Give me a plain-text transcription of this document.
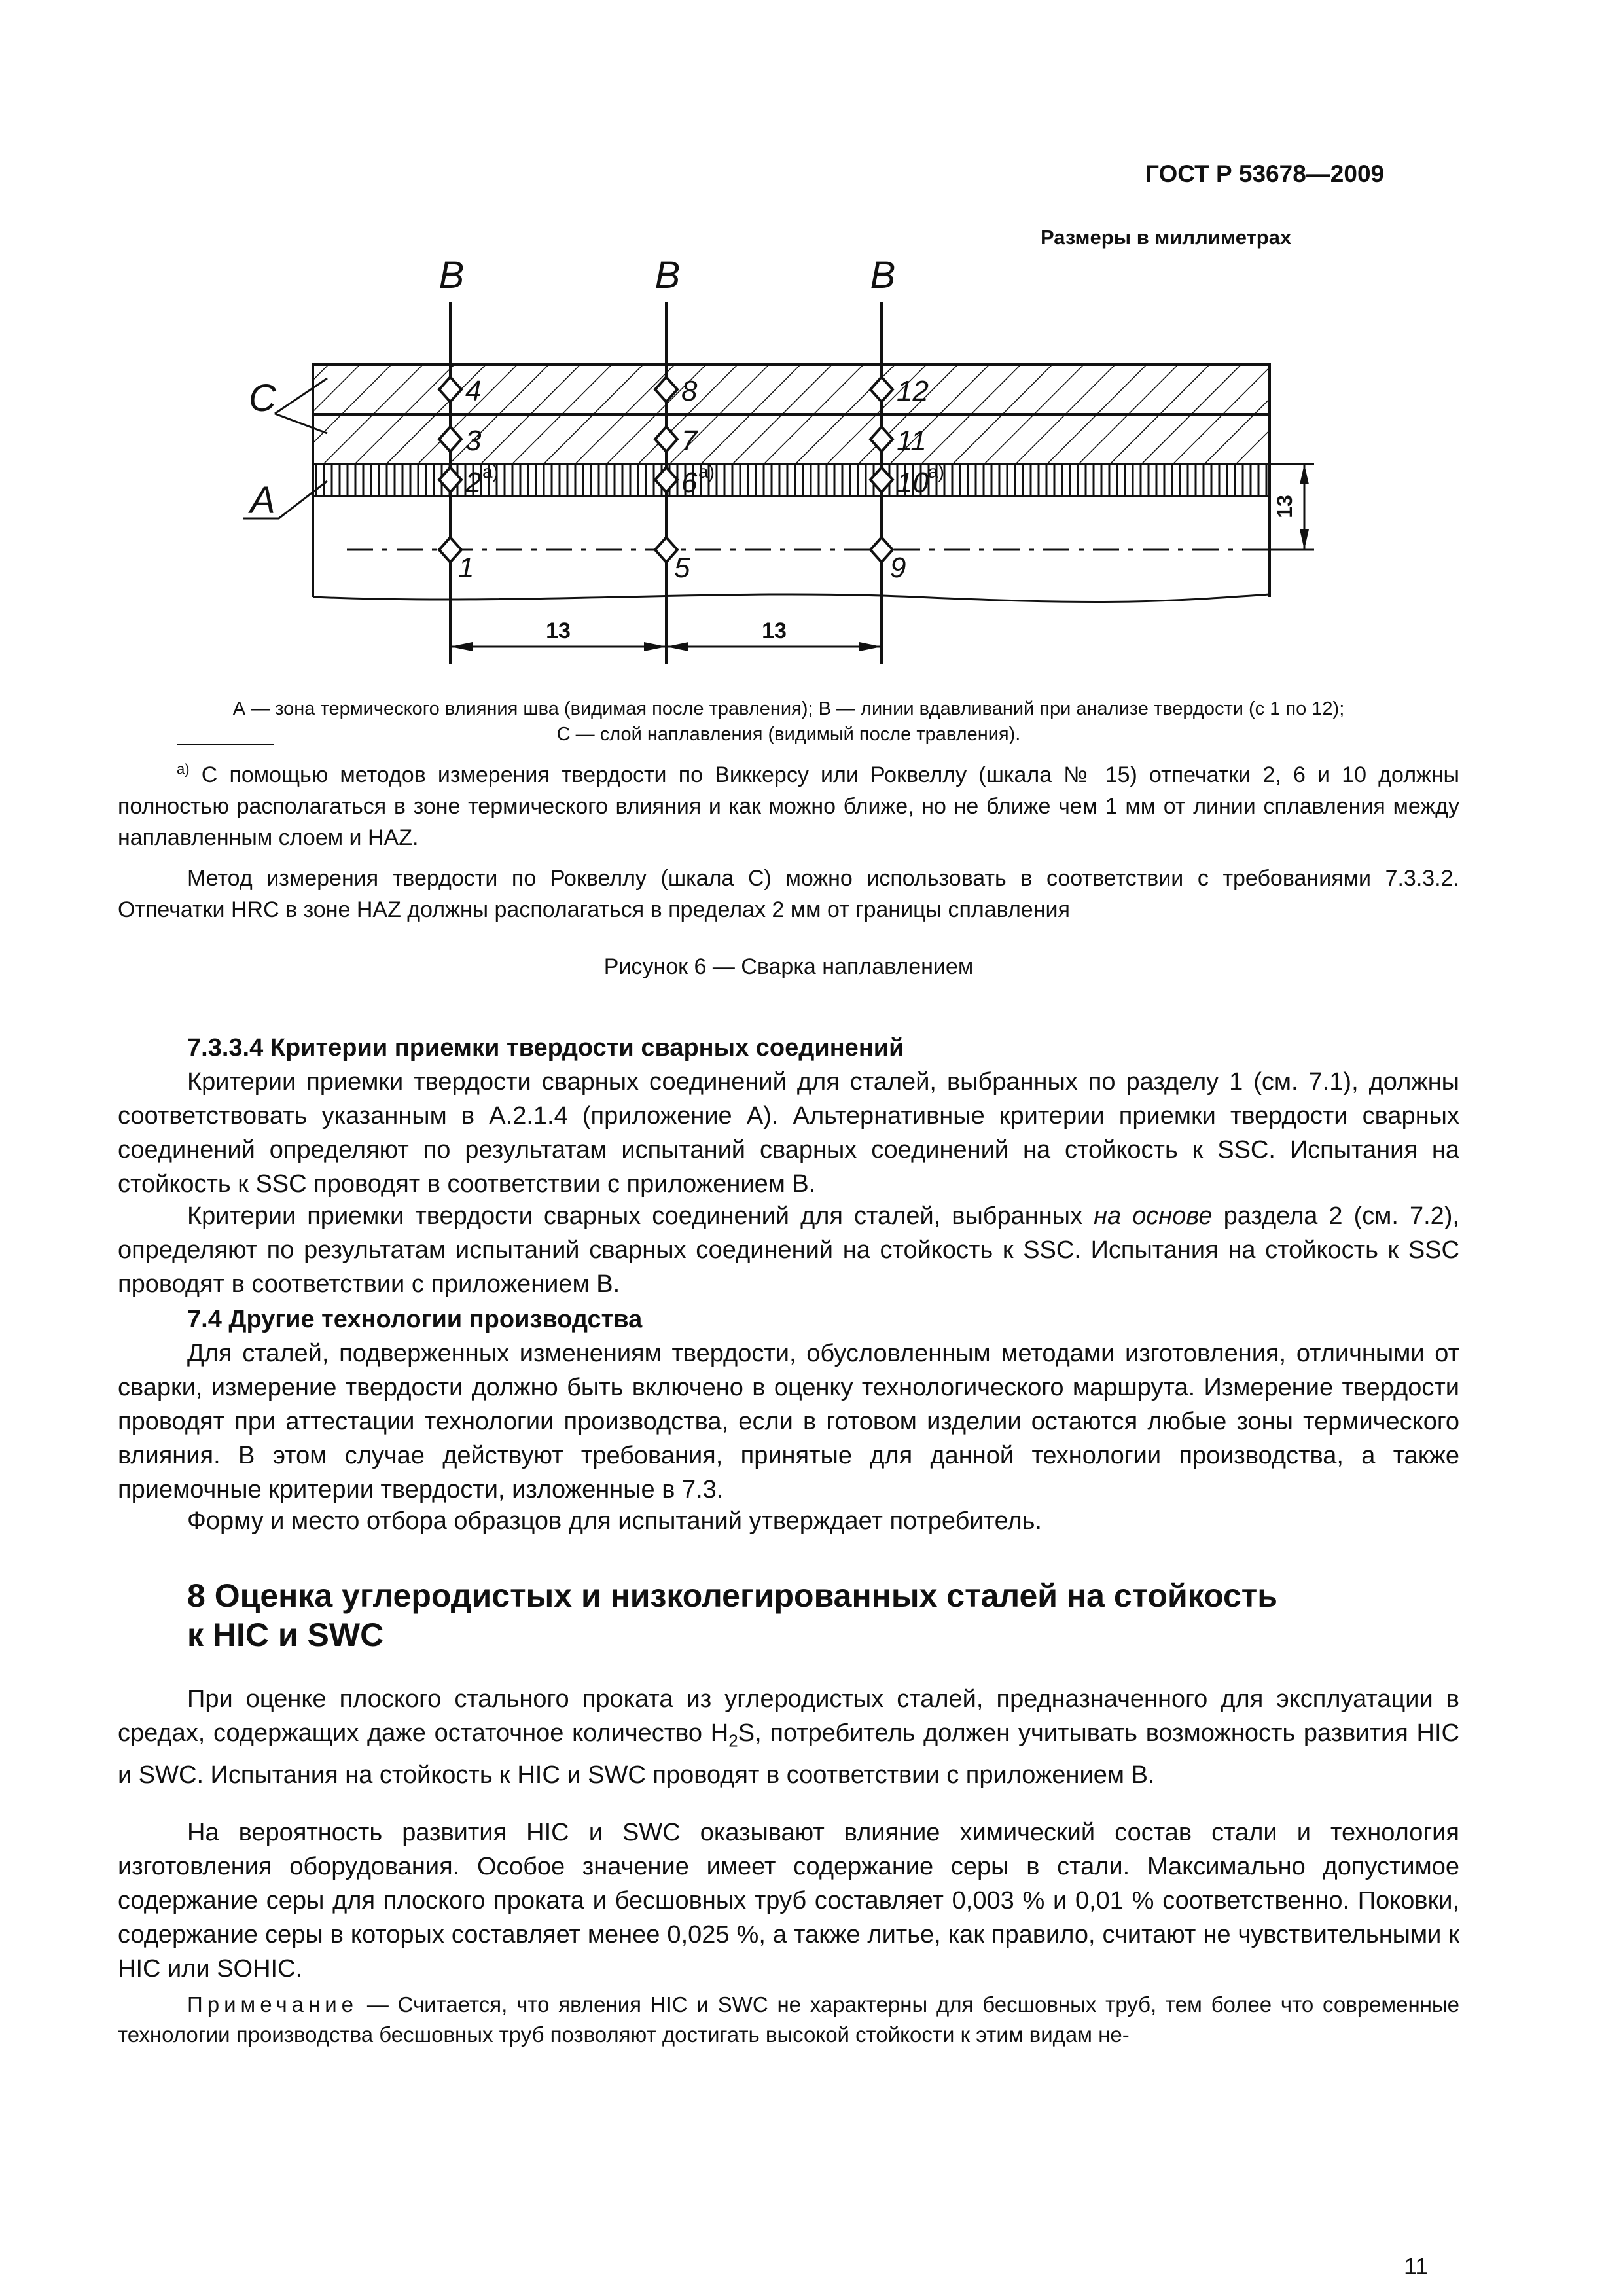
ГОСТ Р 53678—2009
Размеры в миллиметрах
B	B	B
4
3
2
1
8
7
6
5
12
11
10
9
а)	а)	а)
C
A
13	13
13
А — зона термического влияния шва (видимая после травления); В — линии вдавливаний при анализе твердости (с 1 по 12);
С — слой наплавления (видимый после травления).
$^{а)}$ С помощью методов измерения твердости по Виккерсу или Роквеллу (шкала № 15) отпечатки 2, 6 и 10 должны полностью располагаться в зоне термического влияния и как можно ближе, но не ближе чем 1 мм от линии сплавления между наплавленным слоем и HAZ.
Метод измерения твердости по Роквеллу (шкала С) можно использовать в соответствии с требованиями 7.3.3.2. Отпечатки HRC в зоне HAZ должны располагаться в пределах 2 мм от границы сплавления
Рисунок 6 — Сварка наплавлением
7.3.3.4 Критерии приемки твердости сварных соединений
Критерии приемки твердости сварных соединений для сталей, выбранных по разделу 1 (см. 7.1), должны соответствовать указанным в А.2.1.4 (приложение А). Альтернативные критерии приемки твердости сварных соединений определяют по результатам испытаний сварных соединений на стойкость к SSC. Испытания на стойкость к SSC проводят в соответствии с приложением В.
Критерии приемки твердости сварных соединений для сталей, выбранных на основе раздела 2 (см. 7.2), определяют по результатам испытаний сварных соединений на стойкость к SSC. Испытания на стойкость к SSC проводят в соответствии с приложением В.
7.4 Другие технологии производства
Для сталей, подверженных изменениям твердости, обусловленным методами изготовления, отличными от сварки, измерение твердости должно быть включено в оценку технологического маршрута. Измерение твердости проводят при аттестации технологии производства, если в готовом изделии остаются любые зоны термического влияния. В этом случае действуют требования, принятые для данной технологии производства, а также приемочные критерии твердости, изложенные в 7.3.
Форму и место отбора образцов для испытаний утверждает потребитель.
8 Оценка углеродистых и низколегированных сталей на стойкость
к HIC и SWC
При оценке плоского стального проката из углеродистых сталей, предназначенного для эксплуатации в средах, содержащих даже остаточное количество $H_2S$, потребитель должен учитывать возможность развития HIC и SWC. Испытания на стойкость к HIC и SWC проводят в соответствии с приложением В.
На вероятность развития HIC и SWC оказывают влияние химический состав стали и технология изготовления оборудования. Особое значение имеет содержание серы в стали. Максимально допустимое содержание серы для плоского проката и бесшовных труб составляет 0,003 % и 0,01 % соответственно. Поковки, содержание серы в которых составляет менее 0,025 %, а также литье, как правило, считают не чувствительными к HIC или SOHIC.
Примечание — Считается, что явления HIC и SWC не характерны для бесшовных труб, тем более что современные технологии производства бесшовных труб позволяют достигать высокой стойкости к этим видам не-
11
